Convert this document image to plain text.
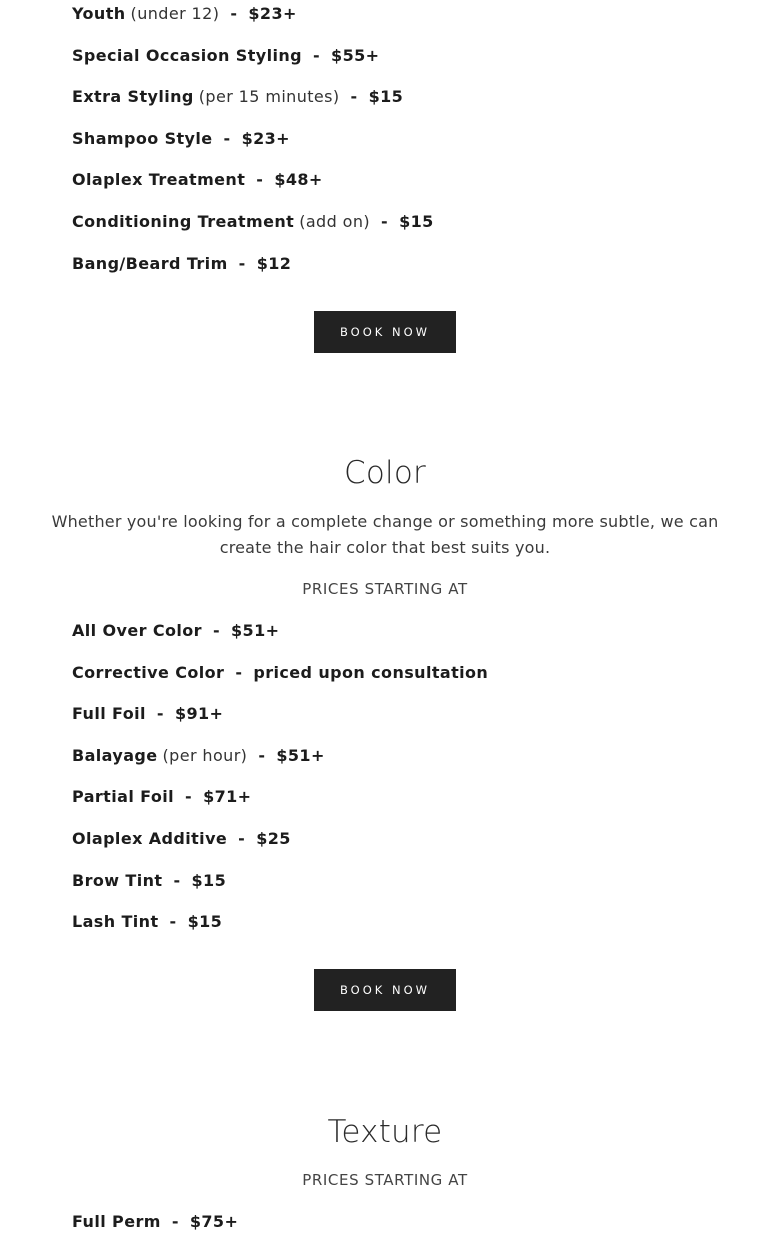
Youth (under 12) - $23+
Special Occasion Styling - $55+
Extra Styling (per 15 minutes) - $15
Shampoo Style - $23+
Olaplex Treatment - $48+
Conditioning Treatment (add on) - $15
Bang/Beard Trim - $12
BOOK NOW
Color

Whether you're looking for a complete change or something more subtle, we can create the hair color that best suits you.

PRICES STARTING AT

All Over Color - $51+
Corrective Color - priced upon consultation
Full Foil - $91+
Balayage (per hour) - $51+
Partial Foil - $71+
Olaplex Additive - $25
Brow Tint - $15
Lash Tint - $15
BOOK NOW
Texture

PRICES STARTING AT

Full Perm - $75+
